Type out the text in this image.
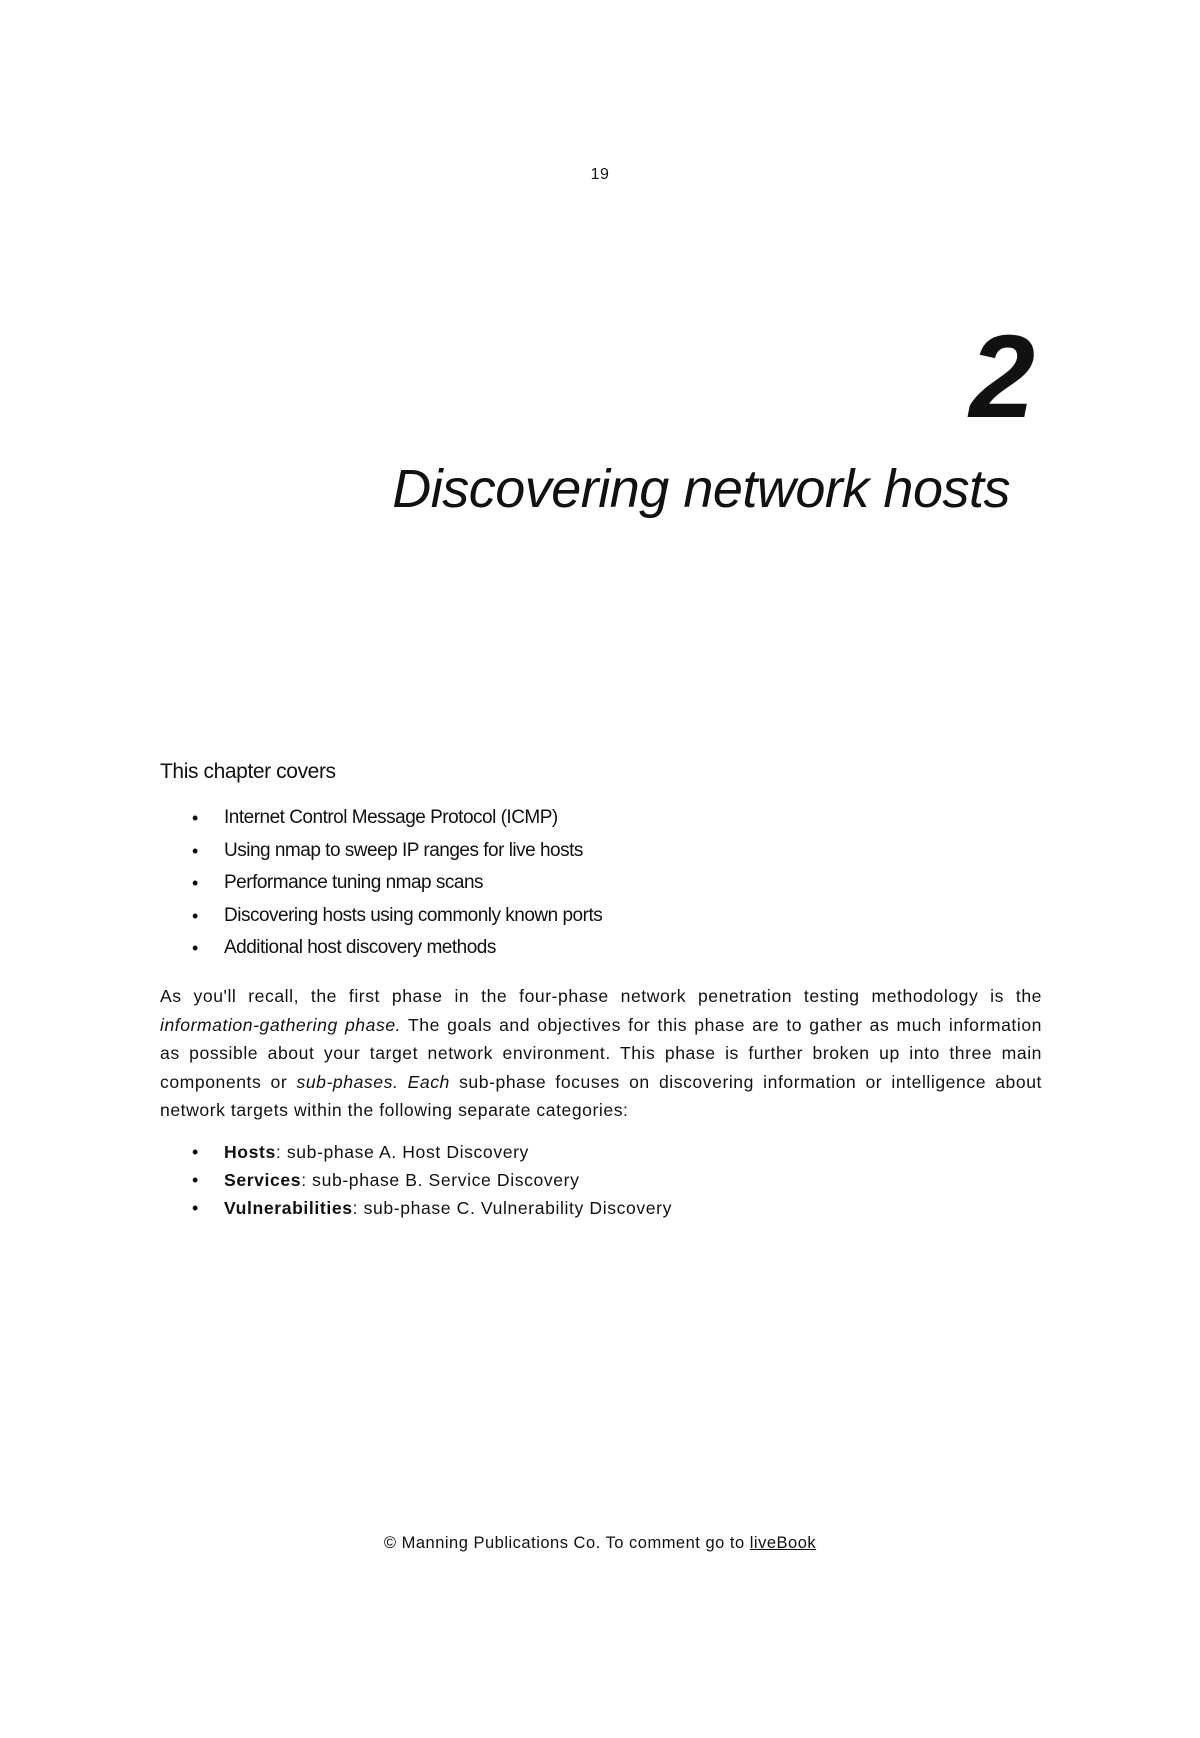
19
2
Discovering network hosts
This chapter covers
• Internet Control Message Protocol (ICMP)
• Using nmap to sweep IP ranges for live hosts
• Performance tuning nmap scans
• Discovering hosts using commonly known ports
• Additional host discovery methods

As you'll recall, the first phase in the four-phase network penetration testing methodology is the information-gathering phase. The goals and objectives for this phase are to gather as much information as possible about your target network environment. This phase is further broken up into three main components or sub-phases. Each sub-phase focuses on discovering information or intelligence about network targets within the following separate categories:

• Hosts: sub-phase A. Host Discovery
• Services: sub-phase B. Service Discovery
• Vulnerabilities: sub-phase C. Vulnerability Discovery
© Manning Publications Co. To comment go to liveBook
